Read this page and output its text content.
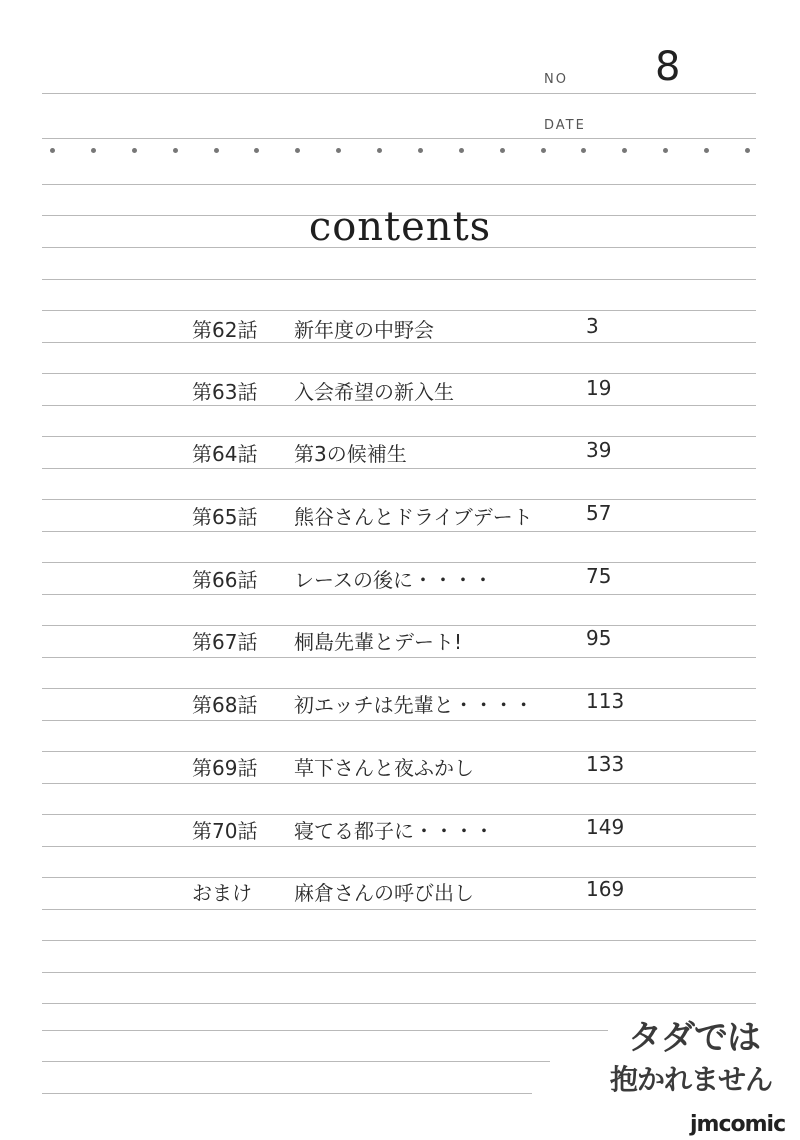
NO 8
DATE
contents
第62話 新年度の中野会	3
第63話 入会希望の新入生	19
第64話 第3の候補生	39
第65話 熊谷さんとドライブデート	57
第66話 レースの後に・・・・	75
第67話 桐島先輩とデート!	95
第68話 初エッチは先輩と・・・・	113
第69話 草下さんと夜ふかし	133
第70話 寝てる都子に・・・・	149
おまけ 麻倉さんの呼び出し	169
タダでは
抱かれません
jmcomic
